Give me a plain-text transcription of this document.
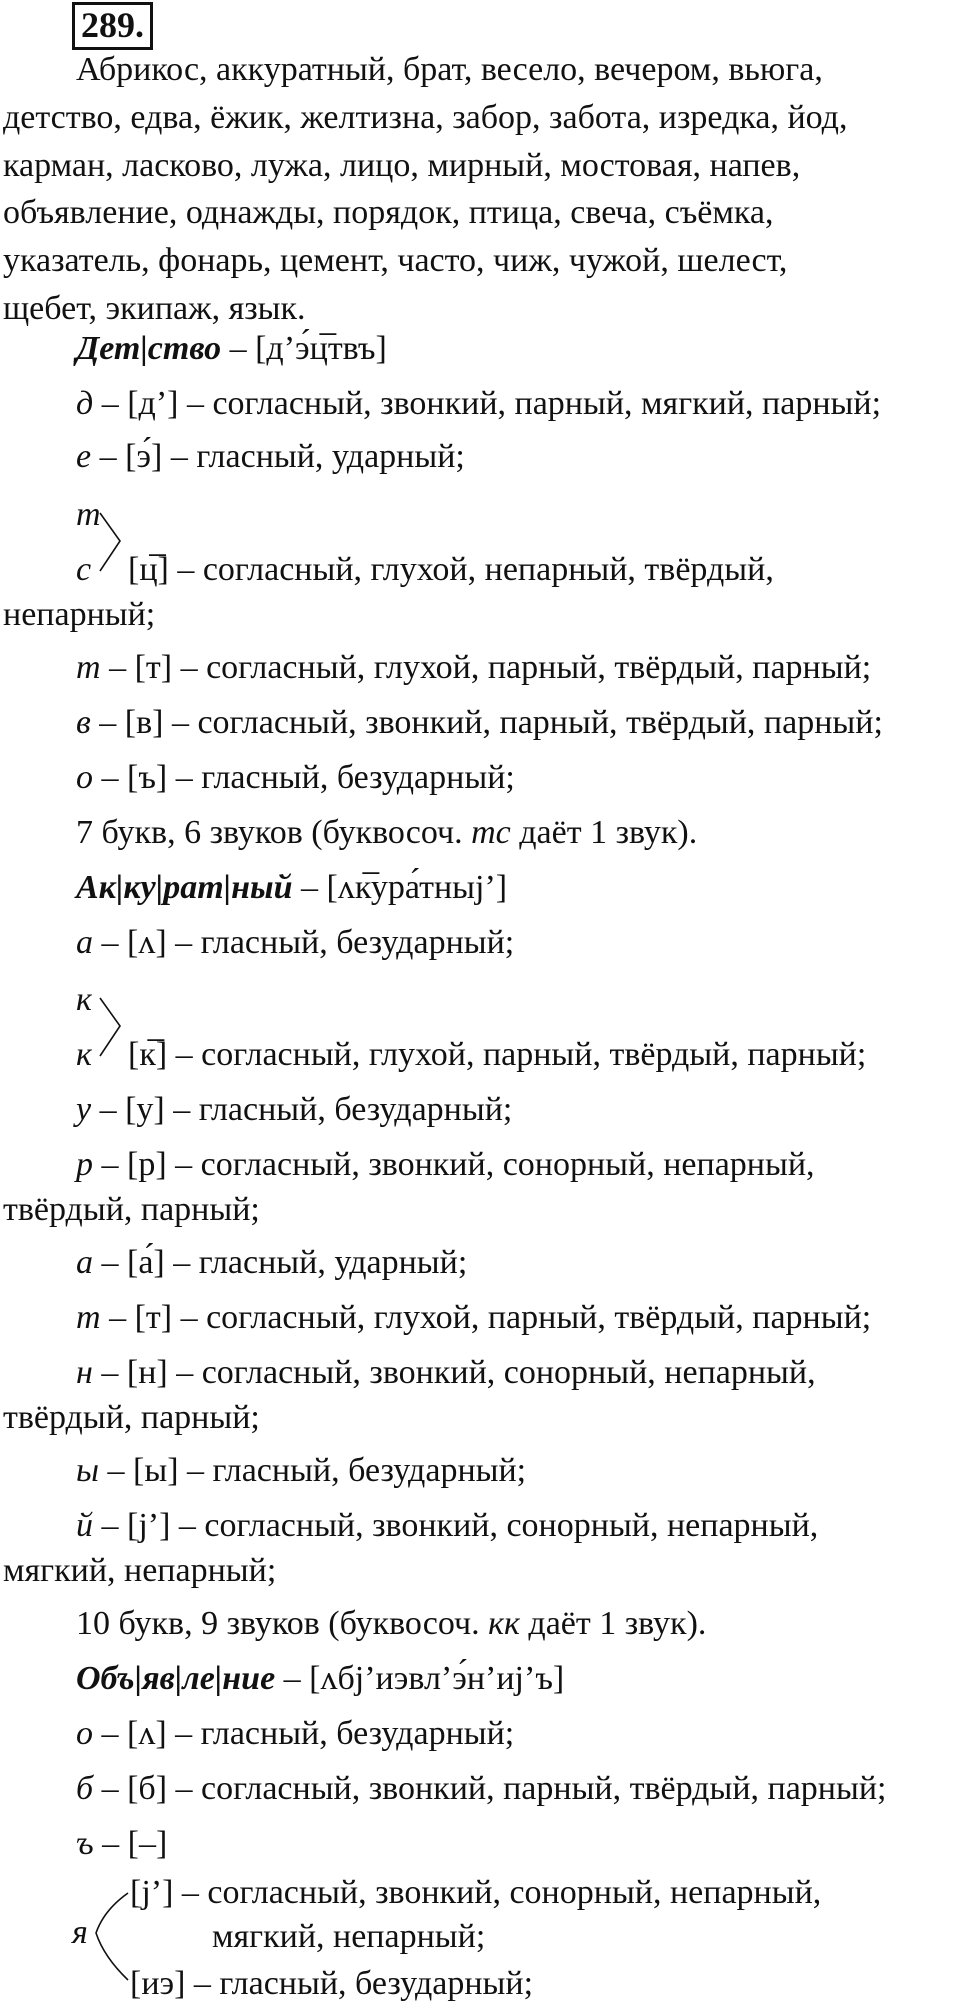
289.
Абрикос, аккуратный, брат, весело, вечером, вьюга,
детство, едва, ёжик, желтизна, забор, забота, изредка, йод,
карман, ласково, лужа, лицо, мирный, мостовая, напев,
объявление, однажды, порядок, птица, свеча, съёмка,
указатель, фонарь, цемент, часто, чиж, чужой, шелест,
щебет, экипаж, язык.
Дет|ство – [д’э́ц̅твъ]
д – [д’] – согласный, звонкий, парный, мягкий, парный;
е – [э́] – гласный, ударный;
т
с [ц̅] – согласный, глухой, непарный, твёрдый,
непарный;
т – [т] – согласный, глухой, парный, твёрдый, парный;
в – [в] – согласный, звонкий, парный, твёрдый, парный;
о – [ъ] – гласный, безударный;
7 букв, 6 звуков (буквосоч. тс даёт 1 звук).
Ак|ку|рат|ный – [ʌк̅ура́тныj’]
а – [ʌ] – гласный, безударный;
к
к [к̅] – согласный, глухой, парный, твёрдый, парный;
у – [у] – гласный, безударный;
р – [р] – согласный, звонкий, сонорный, непарный,
твёрдый, парный;
а – [а́] – гласный, ударный;
т – [т] – согласный, глухой, парный, твёрдый, парный;
н – [н] – согласный, звонкий, сонорный, непарный,
твёрдый, парный;
ы – [ы] – гласный, безударный;
й – [j’] – согласный, звонкий, сонорный, непарный,
мягкий, непарный;
10 букв, 9 звуков (буквосоч. кк даёт 1 звук).
Объ|яв|ле|ние – [ʌбj’иэвл’э́н’иj’ъ]
о – [ʌ] – гласный, безударный;
б – [б] – согласный, звонкий, парный, твёрдый, парный;
ъ – [–]
я
[j’] – согласный, звонкий, сонорный, непарный,
мягкий, непарный;
[иэ] – гласный, безударный;
